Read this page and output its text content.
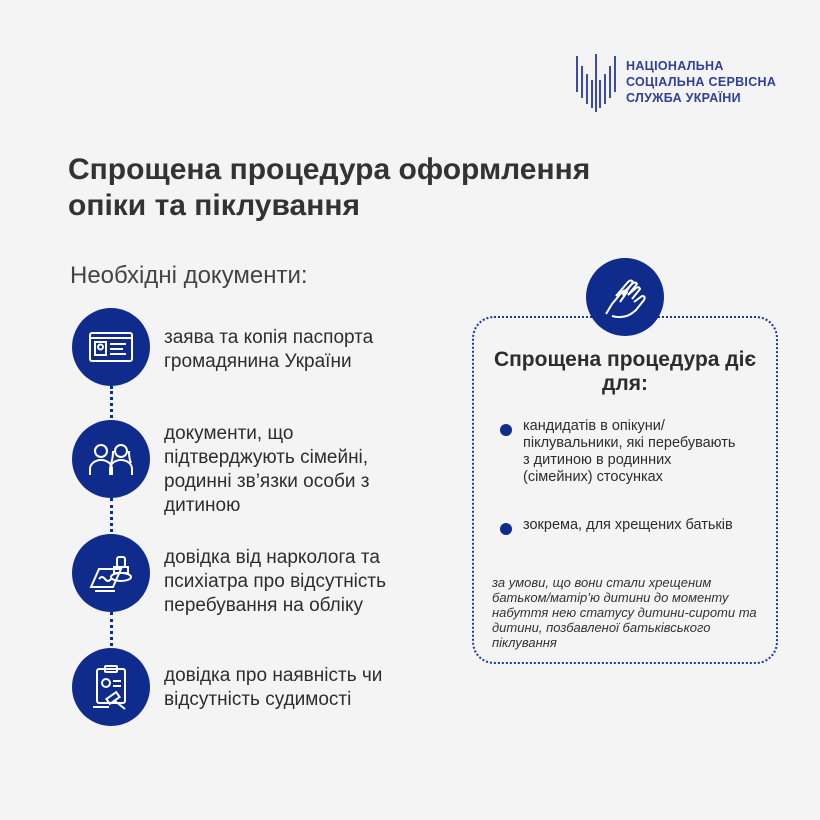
НАЦІОНАЛЬНА
СОЦІАЛЬНА СЕРВІСНА
СЛУЖБА УКРАЇНИ
Спрощена процедура оформлення
опіки та піклування
Необхідні документи:
заява та копія паспорта громадянина України
документи, що підтверджують сімейні, родинні зв’язки особи з дитиною
довідка від нарколога та психіатра про відсутність перебування на обліку
довідка про наявність чи відсутність судимості
Спрощена процедура діє для:
кандидатів в опікуни/піклувальники, які перебувають з дитиною в родинних (сімейних) стосунках
зокрема, для хрещених батьків
за умови, що вони стали хрещеним батьком/матір’ю дитини до моменту набуття нею статусу дитини-сироти та дитини, позбавленої батьківського піклування
